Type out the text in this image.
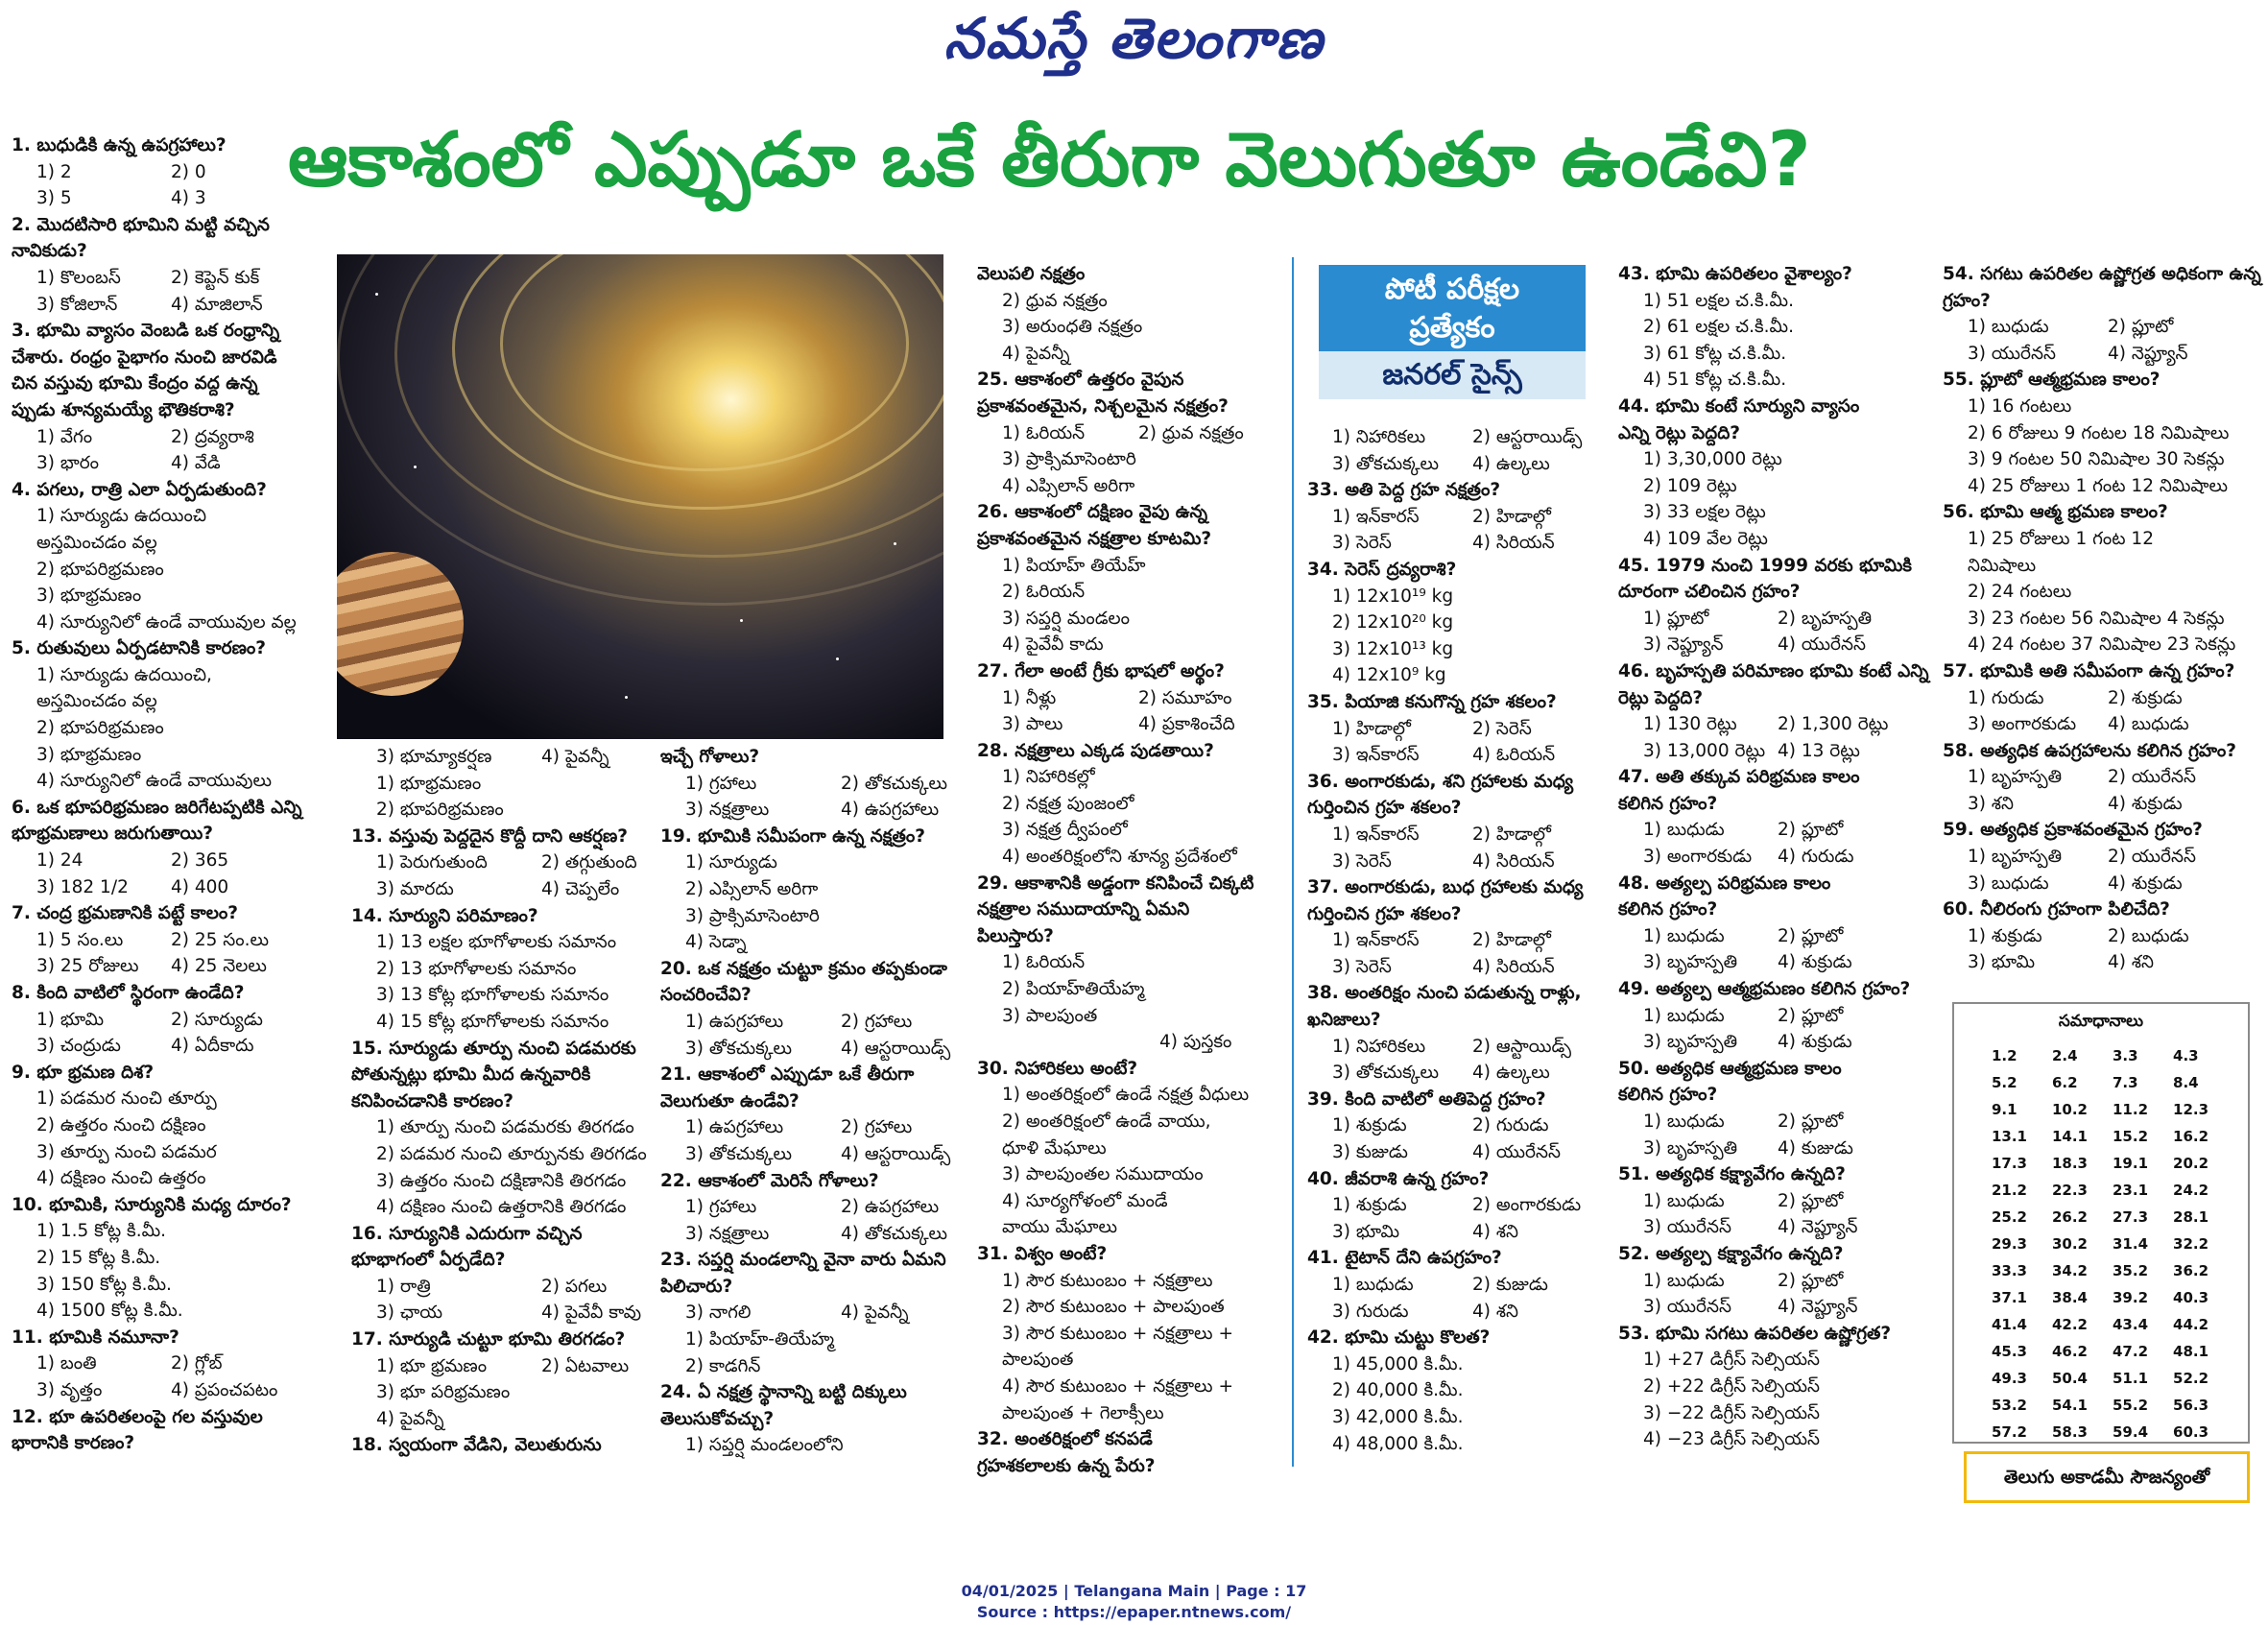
నమస్తే తెలంగాణ
ఆకాశంలో ఎప్పుడూ ఒకే తీరుగా వెలుగుతూ ఉండేవి?
1. బుధుడికి ఉన్న ఉపగ్రహాలు?
1) 2	2) 0
3) 5	4) 3
2. మొదటిసారి భూమిని మట్టి వచ్చిన
నావికుడు?
1) కొలంబస్	2) కెప్టెన్ కుక్
3) కోజిలాన్	4) మాజిలాన్
3. భూమి వ్యాసం వెంబడి ఒక రంధ్రాన్ని
చేశారు. రంధ్రం పైభాగం నుంచి జారవిడి
చిన వస్తువు భూమి కేంద్రం వద్ద ఉన్న
ప్పుడు శూన్యమయ్యే భౌతికరాశి?
1) వేగం	2) ద్రవ్యరాశి
3) భారం	4) వేడి
4. పగలు, రాత్రి ఎలా ఏర్పడుతుంది?
1) సూర్యుడు ఉదయించి
అస్తమించడం వల్ల
2) భూపరిభ్రమణం
3) భూభ్రమణం
4) సూర్యునిలో ఉండే వాయువుల వల్ల
5. రుతువులు ఏర్పడటానికి కారణం?
1) సూర్యుడు ఉదయించి,
అస్తమించడం వల్ల
2) భూపరిభ్రమణం
3) భూభ్రమణం
4) సూర్యునిలో ఉండే వాయువులు
6. ఒక భూపరిభ్రమణం జరిగేటప్పటికి ఎన్ని
భూభ్రమణాలు జరుగుతాయి?
1) 24	2) 365
3) 182 1/2	4) 400
7. చంద్ర భ్రమణానికి పట్టే కాలం?
1) 5 సం.లు	2) 25 సం.లు
3) 25 రోజులు	4) 25 నెలలు
8. కింది వాటిలో స్థిరంగా ఉండేది?
1) భూమి	2) సూర్యుడు
3) చంద్రుడు	4) ఏదీకాదు
9. భూ భ్రమణ దిశ?
1) పడమర నుంచి తూర్పు
2) ఉత్తరం నుంచి దక్షిణం
3) తూర్పు నుంచి పడమర
4) దక్షిణం నుంచి ఉత్తరం
10. భూమికి, సూర్యునికి మధ్య దూరం?
1) 1.5 కోట్ల కి.మీ.
2) 15 కోట్ల కి.మీ.
3) 150 కోట్ల కి.మీ.
4) 1500 కోట్ల కి.మీ.
11. భూమికి నమూనా?
1) బంతి	2) గ్లోబ్
3) వృత్తం	4) ప్రపంచపటం
12. భూ ఉపరితలంపై గల వస్తువుల
భారానికి కారణం?
3) భూమ్యాకర్షణ	4) పైవన్నీ
1) భూభ్రమణం
2) భూపరిభ్రమణం
13. వస్తువు పెద్దదైన కొద్దీ దాని ఆకర్షణ?
1) పెరుగుతుంది	2) తగ్గుతుంది
3) మారదు	4) చెప్పలేం
14. సూర్యుని పరిమాణం?
1) 13 లక్షల భూగోళాలకు సమానం
2) 13 భూగోళాలకు సమానం
3) 13 కోట్ల భూగోళాలకు సమానం
4) 15 కోట్ల భూగోళాలకు సమానం
15. సూర్యుడు తూర్పు నుంచి పడమరకు
పోతున్నట్లు భూమి మీద ఉన్నవారికి
కనిపించడానికి కారణం?
1) తూర్పు నుంచి పడమరకు తిరగడం
2) పడమర నుంచి తూర్పునకు తిరగడం
3) ఉత్తరం నుంచి దక్షిణానికి తిరగడం
4) దక్షిణం నుంచి ఉత్తరానికి తిరగడం
16. సూర్యునికి ఎదురుగా వచ్చిన
భూభాగంలో ఏర్పడేది?
1) రాత్రి	2) పగలు
3) ఛాయ	4) పైవేవీ కావు
17. సూర్యుడి చుట్టూ భూమి తిరగడం?
1) భూ భ్రమణం	2) ఏటవాలు
3) భూ పరిభ్రమణం
4) పైవన్నీ
18. స్వయంగా వేడిని, వెలుతురును
ఇచ్చే గోళాలు?
1) గ్రహాలు	2) తోకచుక్కలు
3) నక్షత్రాలు	4) ఉపగ్రహాలు
19. భూమికి సమీపంగా ఉన్న నక్షత్రం?
1) సూర్యుడు
2) ఎప్సిలాన్ అరిగా
3) ప్రాక్సిమాసెంటారి
4) సెడ్నా
20. ఒక నక్షత్రం చుట్టూ క్రమం తప్పకుండా
సంచరించేవి?
1) ఉపగ్రహాలు	2) గ్రహాలు
3) తోకచుక్కలు	4) ఆస్టరాయిడ్స్
21. ఆకాశంలో ఎప్పుడూ ఒకే తీరుగా
వెలుగుతూ ఉండేవి?
1) ఉపగ్రహాలు	2) గ్రహాలు
3) తోకచుక్కలు	4) ఆస్టరాయిడ్స్
22. ఆకాశంలో మెరిసే గోళాలు?
1) గ్రహాలు	2) ఉపగ్రహాలు
3) నక్షత్రాలు	4) తోకచుక్కలు
23. సప్తర్షి మండలాన్ని వైనా వారు ఏమని
పిలిచారు?
3) నాగలి	4) పైవన్నీ
1) పియాహ్-తియేహ్మ
2) కాడగిన్
24. ఏ నక్షత్ర స్థానాన్ని బట్టి దిక్కులు
తెలుసుకోవచ్చు?
1) సప్తర్షి మండలంలోని
వెలుపలి నక్షత్రం
2) ధ్రువ నక్షత్రం
3) అరుంధతి నక్షత్రం
4) పైవన్నీ
25. ఆకాశంలో ఉత్తరం వైపున
ప్రకాశవంతమైన, నిశ్చలమైన నక్షత్రం?
1) ఓరియన్	2) ధ్రువ నక్షత్రం
3) ప్రాక్సిమాసెంటారి
4) ఎప్సిలాన్ అరిగా
26. ఆకాశంలో దక్షిణం వైపు ఉన్న
ప్రకాశవంతమైన నక్షత్రాల కూటమి?
1) పియాహ్ తియేహ్
2) ఓరియన్
3) సప్తర్షి మండలం
4) పైవేవీ కాదు
27. గేలా అంటే గ్రీకు భాషలో అర్థం?
1) నీళ్లు	2) సమూహం
3) పాలు	4) ప్రకాశించేది
28. నక్షత్రాలు ఎక్కడ పుడతాయి?
1) నిహారికల్లో
2) నక్షత్ర పుంజంలో
3) నక్షత్ర ద్వీపంలో
4) అంతరిక్షంలోని శూన్య ప్రదేశంలో
29. ఆకాశానికి అడ్డంగా కనిపించే చిక్కటి
నక్షత్రాల సముదాయాన్ని ఏమని
పిలుస్తారు?
1) ఓరియన్
2) పియాహ్‌తియేహ్మ
3) పాలపుంత
4) పుస్తకం
30. నిహారికలు అంటే?
1) అంతరిక్షంలో ఉండే నక్షత్ర వీధులు
2) అంతరిక్షంలో ఉండే వాయు,
ధూళి మేఘాలు
3) పాలపుంతల సముదాయం
4) సూర్యగోళంలో మండే
వాయు మేఘాలు
31. విశ్వం అంటే?
1) సౌర కుటుంబం + నక్షత్రాలు
2) సౌర కుటుంబం + పాలపుంత
3) సౌర కుటుంబం + నక్షత్రాలు +
పాలపుంత
4) సౌర కుటుంబం + నక్షత్రాలు +
పాలపుంత + గెలాక్సీలు
32. అంతరిక్షంలో కనపడే
గ్రహశకలాలకు ఉన్న పేరు?
పోటీ పరీక్షల
ప్రత్యేకం
జనరల్ సైన్స్
1) నిహారికలు	2) ఆస్టరాయిడ్స్
3) తోకచుక్కలు	4) ఉల్కలు
33. అతి పెద్ద గ్రహ నక్షత్రం?
1) ఇన్‌కారస్	2) హిడాల్గో
3) సెరెస్	4) సిరియన్
34. సెరెస్ ద్రవ్యరాశి?
1) 12x10¹⁹ kg
2) 12x10²⁰ kg
3) 12x10¹³ kg
4) 12x10⁹ kg
35. పియాజి కనుగొన్న గ్రహ శకలం?
1) హిడాల్గో	2) సెరెస్
3) ఇన్‌కారస్	4) ఓరియన్
36. అంగారకుడు, శని గ్రహాలకు మధ్య
గుర్తించిన గ్రహ శకలం?
1) ఇన్‌కారస్	2) హిడాల్గో
3) సెరెస్	4) సిరియన్
37. అంగారకుడు, బుధ గ్రహాలకు మధ్య
గుర్తించిన గ్రహ శకలం?
1) ఇన్‌కారస్	2) హిడాల్గో
3) సెరెస్	4) సిరియన్
38. అంతరిక్షం నుంచి పడుతున్న రాళ్లు,
ఖనిజాలు?
1) నిహారికలు	2) ఆస్టాయిడ్స్
3) తోకచుక్కలు	4) ఉల్కలు
39. కింది వాటిలో అతిపెద్ద గ్రహం?
1) శుక్రుడు	2) గురుడు
3) కుజుడు	4) యురేనస్
40. జీవరాశి ఉన్న గ్రహం?
1) శుక్రుడు	2) అంగారకుడు
3) భూమి	4) శని
41. టైటాన్ దేని ఉపగ్రహం?
1) బుధుడు	2) కుజుడు
3) గురుడు	4) శని
42. భూమి చుట్టు కొలత?
1) 45,000 కి.మీ.
2) 40,000 కి.మీ.
3) 42,000 కి.మీ.
4) 48,000 కి.మీ.
43. భూమి ఉపరితలం వైశాల్యం?
1) 51 లక్షల చ.కి.మీ.
2) 61 లక్షల చ.కి.మీ.
3) 61 కోట్ల చ.కి.మీ.
4) 51 కోట్ల చ.కి.మీ.
44. భూమి కంటే సూర్యుని వ్యాసం
ఎన్ని రెట్లు పెద్దది?
1) 3,30,000 రెట్లు
2) 109 రెట్లు
3) 33 లక్షల రెట్లు
4) 109 వేల రెట్లు
45. 1979 నుంచి 1999 వరకు భూమికి
దూరంగా చలించిన గ్రహం?
1) ప్లూటో	2) బృహస్పతి
3) నెప్ట్యూన్	4) యురేనస్
46. బృహస్పతి పరిమాణం భూమి కంటే ఎన్ని
రెట్లు పెద్దది?
1) 130 రెట్లు	2) 1,300 రెట్లు
3) 13,000 రెట్లు 4) 13 రెట్లు
47. అతి తక్కువ పరిభ్రమణ కాలం
కలిగిన గ్రహం?
1) బుధుడు	2) ప్లూటో
3) అంగారకుడు	4) గురుడు
48. అత్యల్ప పరిభ్రమణ కాలం
కలిగిన గ్రహం?
1) బుధుడు	2) ప్లూటో
3) బృహస్పతి	4) శుక్రుడు
49. అత్యల్ప ఆత్మభ్రమణం కలిగిన గ్రహం?
1) బుధుడు	2) ప్లూటో
3) బృహస్పతి	4) శుక్రుడు
50. అత్యధిక ఆత్మభ్రమణ కాలం
కలిగిన గ్రహం?
1) బుధుడు	2) ప్లూటో
3) బృహస్పతి	4) కుజుడు
51. అత్యధిక కక్ష్యావేగం ఉన్నది?
1) బుధుడు	2) ప్లూటో
3) యురేనస్	4) నెప్ట్యూన్
52. అత్యల్ప కక్ష్యావేగం ఉన్నది?
1) బుధుడు	2) ప్లూటో
3) యురేనస్	4) నెప్ట్యూన్
53. భూమి సగటు ఉపరితల ఉష్ణోగ్రత?
1) +27 డిగ్రీస్ సెల్సియస్
2) +22 డిగ్రీస్ సెల్సియస్
3) −22 డిగ్రీస్ సెల్సియస్
4) −23 డిగ్రీస్ సెల్సియస్
54. సగటు ఉపరితల ఉష్ణోగ్రత అధికంగా ఉన్న
గ్రహం?
1) బుధుడు	2) ప్లూటో
3) యురేనస్	4) నెప్ట్యూన్
55. ప్లూటో ఆత్మభ్రమణ కాలం?
1) 16 గంటలు
2) 6 రోజులు 9 గంటల 18 నిమిషాలు
3) 9 గంటల 50 నిమిషాల 30 సెకన్లు
4) 25 రోజులు 1 గంట 12 నిమిషాలు
56. భూమి ఆత్మ భ్రమణ కాలం?
1) 25 రోజులు 1 గంట 12
నిమిషాలు
2) 24 గంటలు
3) 23 గంటల 56 నిమిషాల 4 సెకన్లు
4) 24 గంటల 37 నిమిషాల 23 సెకన్లు
57. భూమికి అతి సమీపంగా ఉన్న గ్రహం?
1) గురుడు	2) శుక్రుడు
3) అంగారకుడు	4) బుధుడు
58. అత్యధిక ఉపగ్రహాలను కలిగిన గ్రహం?
1) బృహస్పతి	2) యురేనస్
3) శని	4) శుక్రుడు
59. అత్యధిక ప్రకాశవంతమైన గ్రహం?
1) బృహస్పతి	2) యురేనస్
3) బుధుడు	4) శుక్రుడు
60. నీలిరంగు గ్రహంగా పిలిచేది?
1) శుక్రుడు	2) బుధుడు
3) భూమి	4) శని
సమాధానాలు
1.2	2.4	3.3	4.3
5.2	6.2	7.3	8.4
9.1	10.2	11.2	12.3
13.1	14.1	15.2	16.2
17.3	18.3	19.1	20.2
21.2	22.3	23.1	24.2
25.2	26.2	27.3	28.1
29.3	30.2	31.4	32.2
33.3	34.2	35.2	36.2
37.1	38.4	39.2	40.3
41.4	42.2	43.4	44.2
45.3	46.2	47.2	48.1
49.3	50.4	51.1	52.2
53.2	54.1	55.2	56.3
57.2	58.3	59.4	60.3
తెలుగు అకాడమీ సౌజన్యంతో
04/01/2025 | Telangana Main | Page : 17
Source : https://epaper.ntnews.com/
